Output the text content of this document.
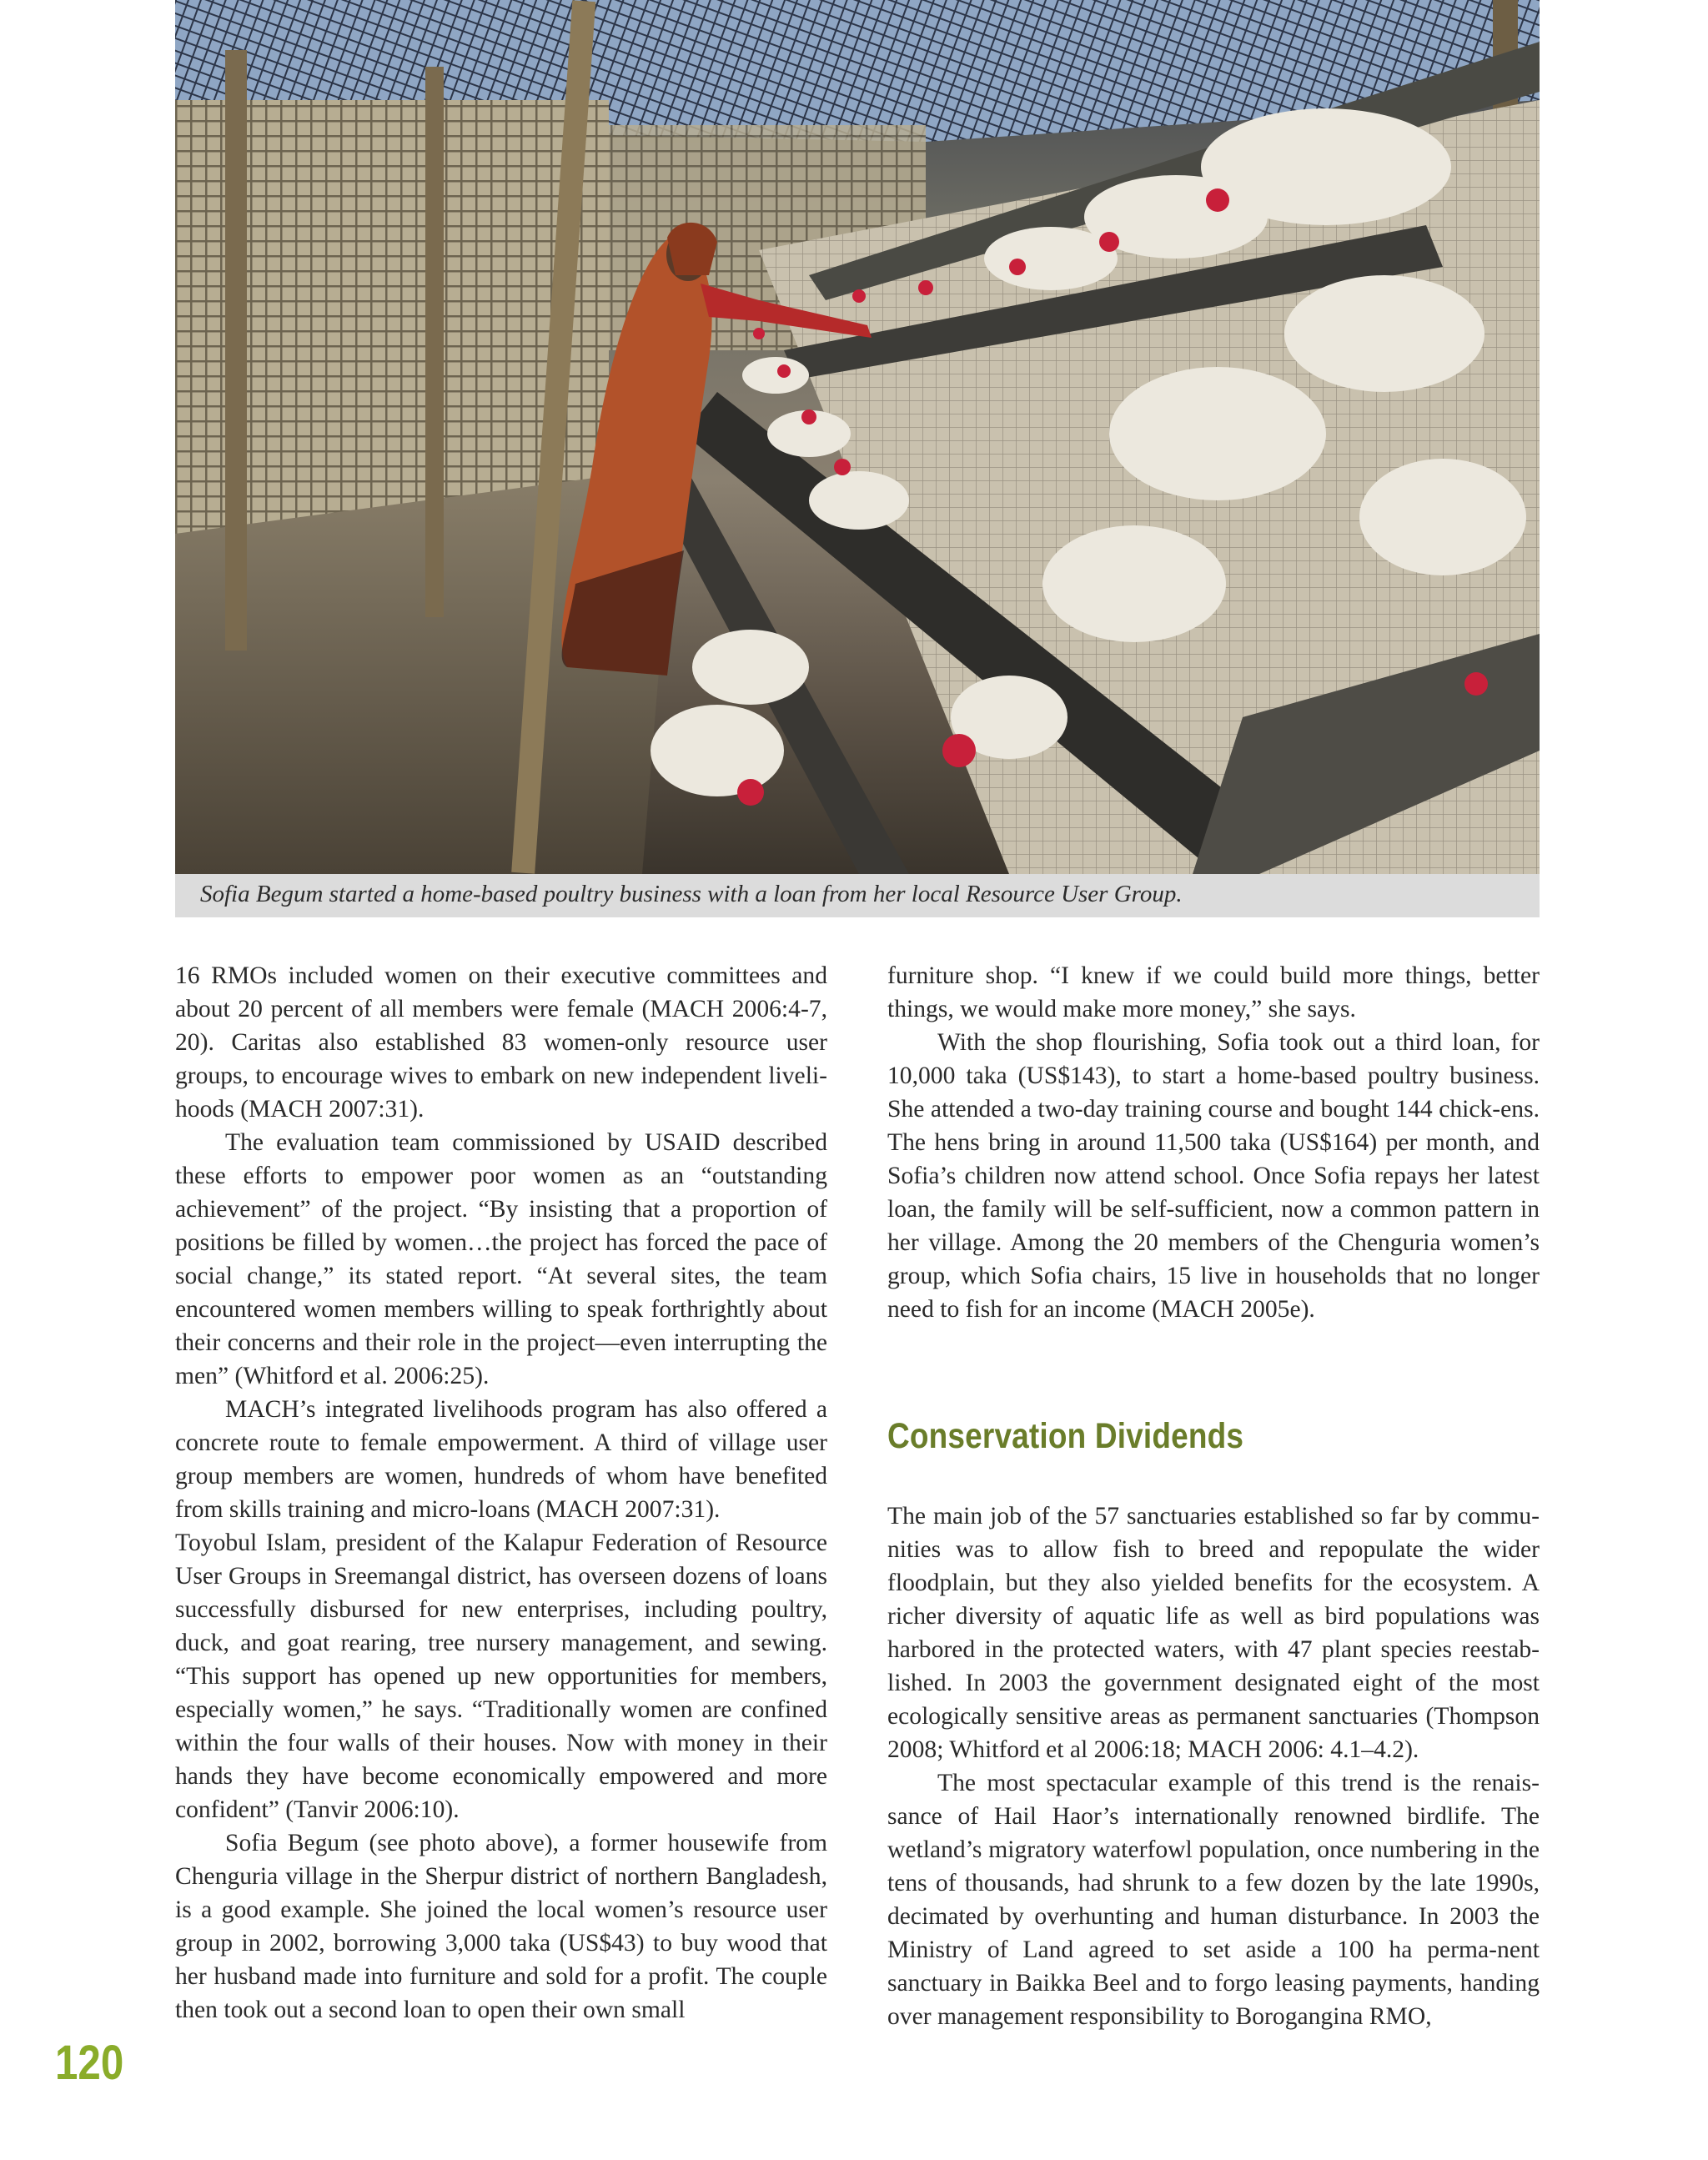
Sofia Begum started a home-based poultry business with a loan from her local Resource User Group.

16 RMOs included women on their executive committees and about 20 percent of all members were female (MACH 2006:4-7, 20). Caritas also established 83 women-only resource user groups, to encourage wives to embark on new independent liveli-hoods (MACH 2007:31).

The evaluation team commissioned by USAID described these efforts to empower poor women as an “outstanding achievement” of the project. “By insisting that a proportion of positions be filled by women…the project has forced the pace of social change,” its stated report. “At several sites, the team encountered women members willing to speak forthrightly about their concerns and their role in the project—even interrupting the men” (Whitford et al. 2006:25).

MACH’s integrated livelihoods program has also offered a concrete route to female empowerment. A third of village user group members are women, hundreds of whom have benefited from skills training and micro-loans (MACH 2007:31).

Toyobul Islam, president of the Kalapur Federation of Resource User Groups in Sreemangal district, has overseen dozens of loans successfully disbursed for new enterprises, including poultry, duck, and goat rearing, tree nursery management, and sewing. “This support has opened up new opportunities for members, especially women,” he says. “Traditionally women are confined within the four walls of their houses. Now with money in their hands they have become economically empowered and more confident” (Tanvir 2006:10).

Sofia Begum (see photo above), a former housewife from Chenguria village in the Sherpur district of northern Bangladesh, is a good example. She joined the local women’s resource user group in 2002, borrowing 3,000 taka (US$43) to buy wood that her husband made into furniture and sold for a profit. The couple then took out a second loan to open their own small

furniture shop. “I knew if we could build more things, better things, we would make more money,” she says.

With the shop flourishing, Sofia took out a third loan, for 10,000 taka (US$143), to start a home-based poultry business. She attended a two-day training course and bought 144 chick-ens. The hens bring in around 11,500 taka (US$164) per month, and Sofia’s children now attend school. Once Sofia repays her latest loan, the family will be self-sufficient, now a common pattern in her village. Among the 20 members of the Chenguria women’s group, which Sofia chairs, 15 live in households that no longer need to fish for an income (MACH 2005e).

Conservation Dividends

The main job of the 57 sanctuaries established so far by commu-nities was to allow fish to breed and repopulate the wider floodplain, but they also yielded benefits for the ecosystem. A richer diversity of aquatic life as well as bird populations was harbored in the protected waters, with 47 plant species reestab-lished. In 2003 the government designated eight of the most ecologically sensitive areas as permanent sanctuaries (Thompson 2008; Whitford et al 2006:18; MACH 2006: 4.1–4.2).

The most spectacular example of this trend is the renais-sance of Hail Haor’s internationally renowned birdlife. The wetland’s migratory waterfowl population, once numbering in the tens of thousands, had shrunk to a few dozen by the late 1990s, decimated by overhunting and human disturbance. In 2003 the Ministry of Land agreed to set aside a 100 ha perma-nent sanctuary in Baikka Beel and to forgo leasing payments, handing over management responsibility to Borogangina RMO,

120
